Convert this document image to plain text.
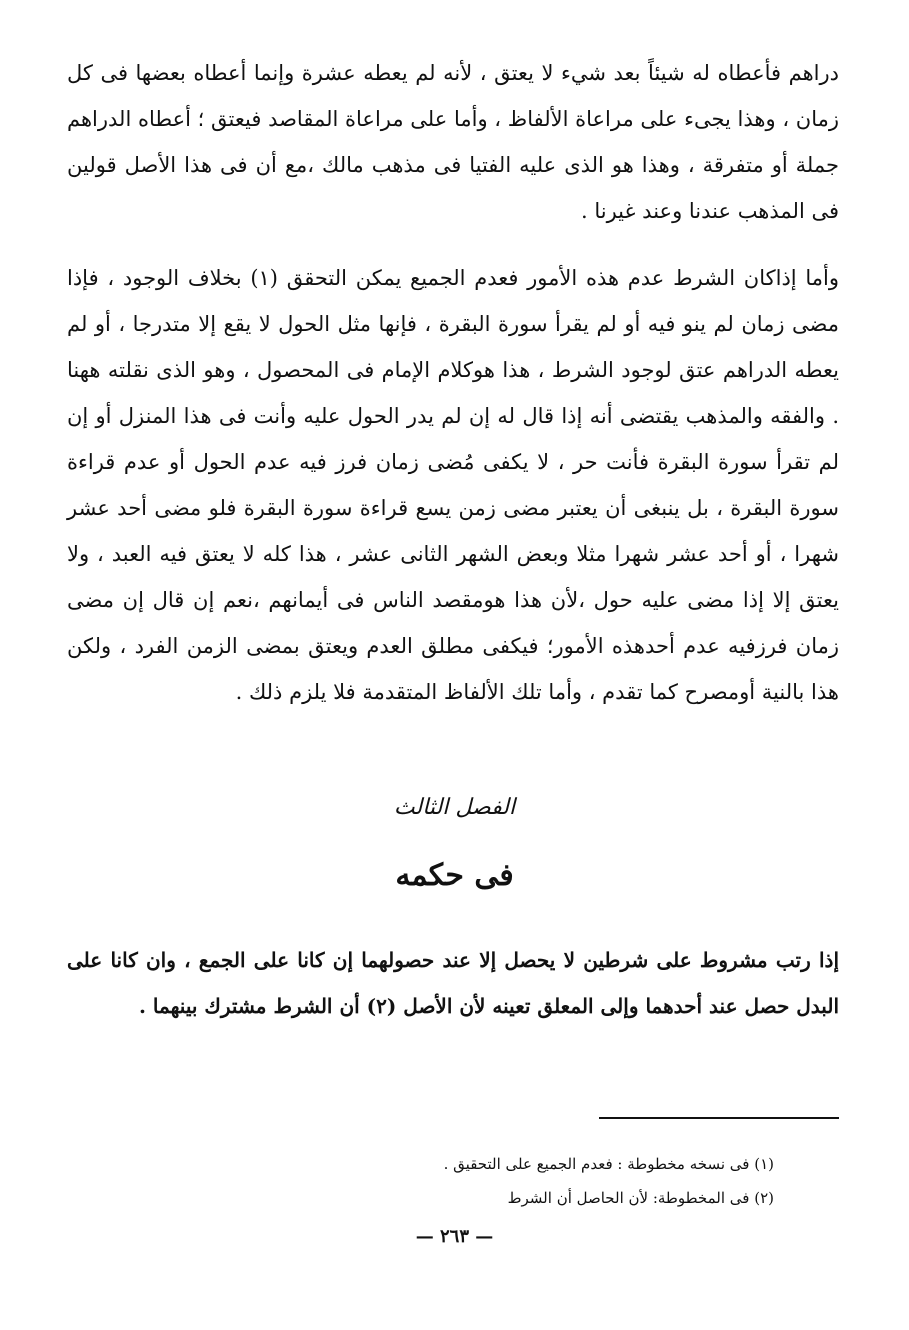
دراهم فأعطاه له شيئاً بعد شيء لا يعتق ، لأنه لم يعطه عشرة وإنما أعطاه بعضها فى كل زمان ، وهذا يجىء على مراعاة الألفاظ ، وأما على مراعاة المقاصد فيعتق ؛ أعطاه الدراهم جملة أو متفرقة ، وهذا هو الذى عليه الفتيا فى مذهب مالك ،مع أن فى هذا الأصل قولين فى المذهب عندنا وعند غيرنا .

وأما إذاكان الشرط عدم هذه الأمور فعدم الجميع يمكن التحقق (١) بخلاف الوجود ، فإذا مضى زمان لم ينو فيه أو لم يقرأ سورة البقرة ، فإنها مثل الحول لا يقع إلا متدرجا ، أو لم يعطه الدراهم عتق لوجود الشرط ، هذا هوكلام الإمام فى المحصول ، وهو الذى نقلته ههنا . والفقه والمذهب يقتضى أنه إذا قال له إن لم يدر الحول عليه وأنت فى هذا المنزل أو إن لم تقرأ سورة البقرة فأنت حر ، لا يكفى مُضى زمان فرز فيه عدم الحول أو عدم قراءة سورة البقرة ، بل ينبغى أن يعتبر مضى زمن يسع قراءة سورة البقرة فلو مضى أحد عشر شهرا ، أو أحد عشر شهرا مثلا وبعض الشهر الثانى عشر ، هذا كله لا يعتق فيه العبد ، ولا يعتق إلا إذا مضى عليه حول ،لأن هذا هومقصد الناس فى أيمانهم ،نعم إن قال إن مضى زمان فرزفيه عدم أحدهذه الأمور؛ فيكفى مطلق العدم ويعتق بمضى الزمن الفرد ، ولكن هذا بالنية أومصرح كما تقدم ، وأما تلك الألفاظ المتقدمة فلا يلزم ذلك .

الفصل الثالث

فى حكمه

إذا رتب مشروط على شرطين لا يحصل إلا عند حصولهما إن كانا على الجمع ، وان كانا على البدل حصل عند أحدهما وإلى المعلق تعينه لأن الأصل (٢) أن الشرط مشترك بينهما .

(١) فى نسخه مخطوطة : فعدم الجميع على التحقيق .
(٢) فى المخطوطة: لأن الحاصل أن الشرط

— ٢٦٣ —
